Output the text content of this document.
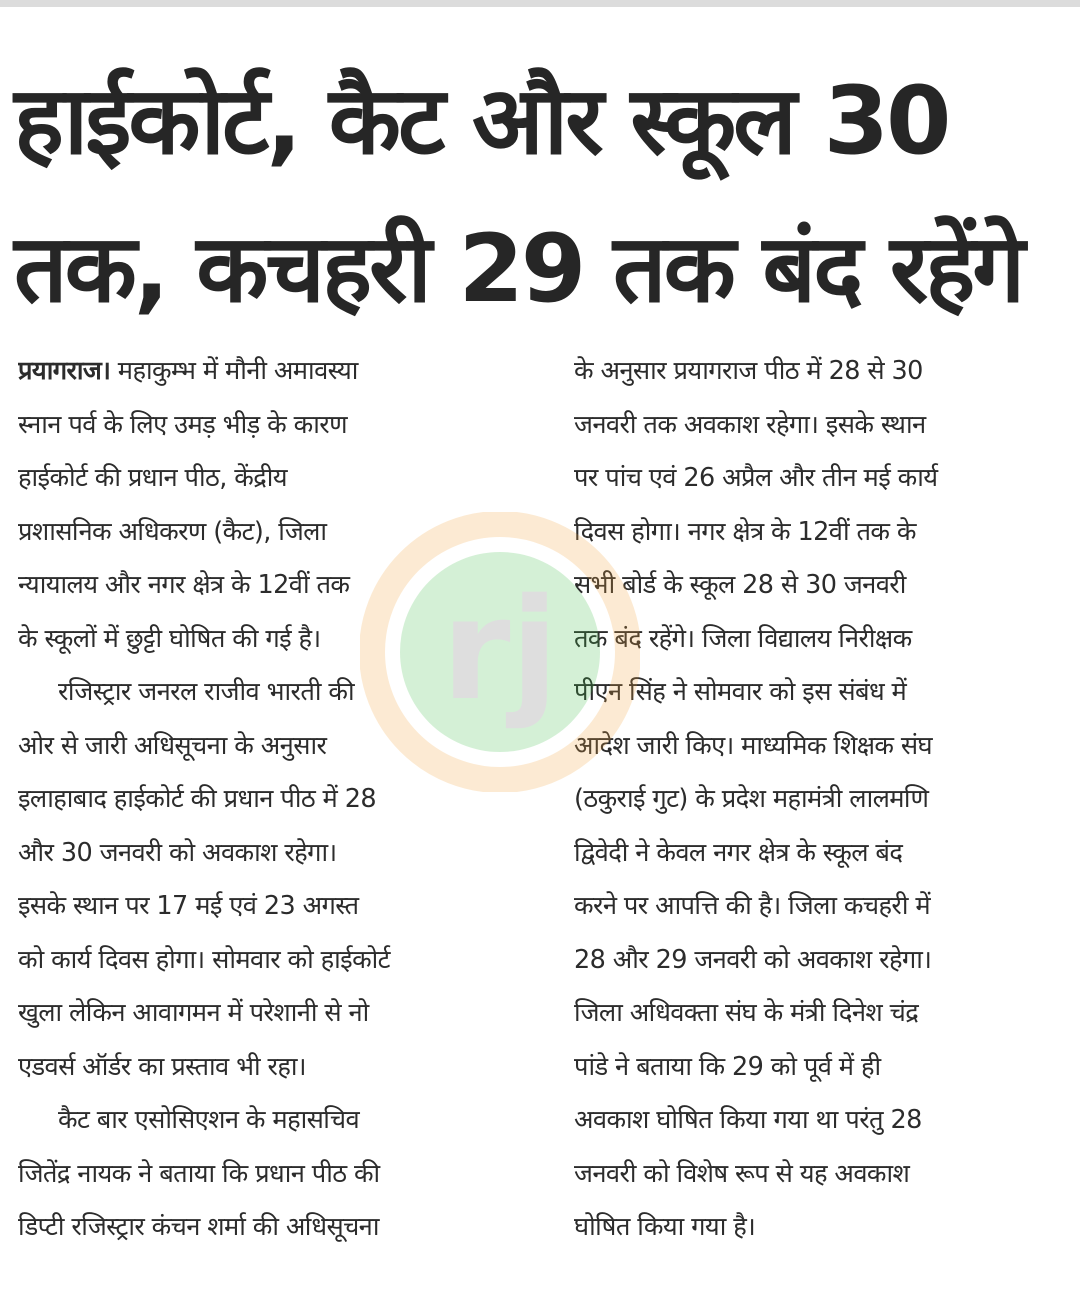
हाईकोर्ट, कैट और स्कूल 30
तक, कचहरी 29 तक बंद रहेंगे
प्रयागराज। महाकुम्भ में मौनी अमावस्या
स्नान पर्व के लिए उमड़ भीड़ के कारण
हाईकोर्ट की प्रधान पीठ, केंद्रीय
प्रशासनिक अधिकरण (कैट), जिला
न्यायालय और नगर क्षेत्र के 12वीं तक
के स्कूलों में छुट्टी घोषित की गई है।
रजिस्ट्रार जनरल राजीव भारती की
ओर से जारी अधिसूचना के अनुसार
इलाहाबाद हाईकोर्ट की प्रधान पीठ में 28
और 30 जनवरी को अवकाश रहेगा।
इसके स्थान पर 17 मई एवं 23 अगस्त
को कार्य दिवस होगा। सोमवार को हाईकोर्ट
खुला लेकिन आवागमन में परेशानी से नो
एडवर्स ऑर्डर का प्रस्ताव भी रहा।
कैट बार एसोसिएशन के महासचिव
जितेंद्र नायक ने बताया कि प्रधान पीठ की
डिप्टी रजिस्ट्रार कंचन शर्मा की अधिसूचना
के अनुसार प्रयागराज पीठ में 28 से 30
जनवरी तक अवकाश रहेगा। इसके स्थान
पर पांच एवं 26 अप्रैल और तीन मई कार्य
दिवस होगा। नगर क्षेत्र के 12वीं तक के
सभी बोर्ड के स्कूल 28 से 30 जनवरी
तक बंद रहेंगे। जिला विद्यालय निरीक्षक
पीएन सिंह ने सोमवार को इस संबंध में
आदेश जारी किए। माध्यमिक शिक्षक संघ
(ठकुराई गुट) के प्रदेश महामंत्री लालमणि
द्विवेदी ने केवल नगर क्षेत्र के स्कूल बंद
करने पर आपत्ति की है। जिला कचहरी में
28 और 29 जनवरी को अवकाश रहेगा।
जिला अधिवक्ता संघ के मंत्री दिनेश चंद्र
पांडे ने बताया कि 29 को पूर्व में ही
अवकाश घोषित किया गया था परंतु 28
जनवरी को विशेष रूप से यह अवकाश
घोषित किया गया है।
rj
